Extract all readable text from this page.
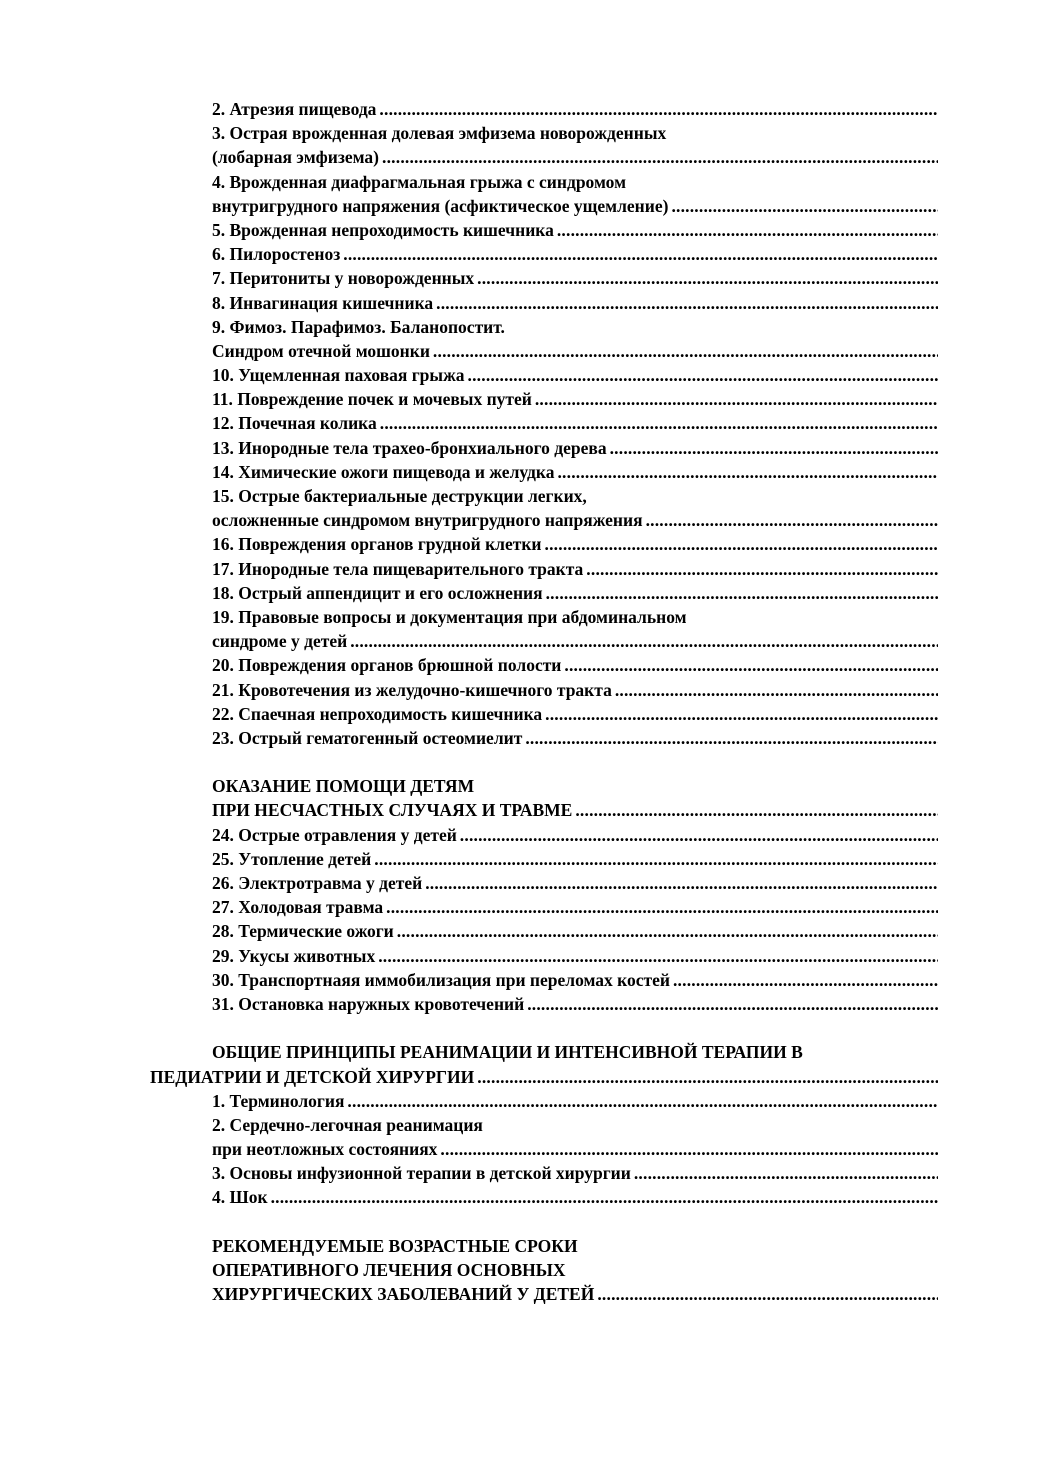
2. Атрезия пищевода
.....
3. Острая врожденная долевая эмфизема новорожденных
(лобарная эмфизема)
.....
4. Врожденная диафрагмальная грыжа с синдромом
внутригрудного напряжения (асфиктическое ущемление)
.....
5. Врожденная непроходимость кишечника
.....
6. Пилоростеноз
.....
7. Перитониты у новорожденных
.....
8. Инвагинация кишечника
.....
9. Фимоз. Парафимоз. Баланопостит.
Синдром отечной мошонки
.....
10. Ущемленная паховая грыжа
.....
11. Повреждение почек и мочевых путей
.....
12. Почечная колика
.....
13. Инородные тела трахео-бронхиального дерева
.....
14. Химические ожоги пищевода и желудка
.....
15. Острые бактериальные деструкции легких,
осложненные синдромом внутригрудного напряжения
.....
16. Повреждения органов грудной клетки
.....
17. Инородные тела пищеварительного тракта
.....
18. Острый аппендицит и его осложнения
.....
19. Правовые вопросы и документация при абдоминальном
синдроме у детей
.....
20. Повреждения органов брюшной полости
.....
21. Кровотечения из желудочно-кишечного тракта
.....
22. Спаечная непроходимость кишечника
.....
23. Острый гематогенный остеомиелит
.....
ОКАЗАНИЕ ПОМОЩИ ДЕТЯМ
ПРИ НЕСЧАСТНЫХ СЛУЧАЯХ И ТРАВМЕ
.....
24. Острые отравления у детей
.....
25. Утопление детей
.....
26. Электротравма у детей
.....
27. Холодовая травма
.....
28. Термические ожоги
.....
29. Укусы животных
.....
30. Транспортнаяя иммобилизация при переломах костей
.....
31. Остановка наружных кровотечений
.....
ОБЩИЕ ПРИНЦИПЫ РЕАНИМАЦИИ И ИНТЕНСИВНОЙ ТЕРАПИИ В
ПЕДИАТРИИ И ДЕТСКОЙ ХИРУРГИИ
.....
1. Терминология
.....
2. Сердечно-легочная реанимация
при неотложных состояниях
.....
3. Основы инфузионной терапии в детской хирургии
.....
4. Шок
.....
РЕКОМЕНДУЕМЫЕ ВОЗРАСТНЫЕ СРОКИ
ОПЕРАТИВНОГО ЛЕЧЕНИЯ ОСНОВНЫХ
ХИРУРГИЧЕСКИХ ЗАБОЛЕВАНИЙ У ДЕТЕЙ
.....
